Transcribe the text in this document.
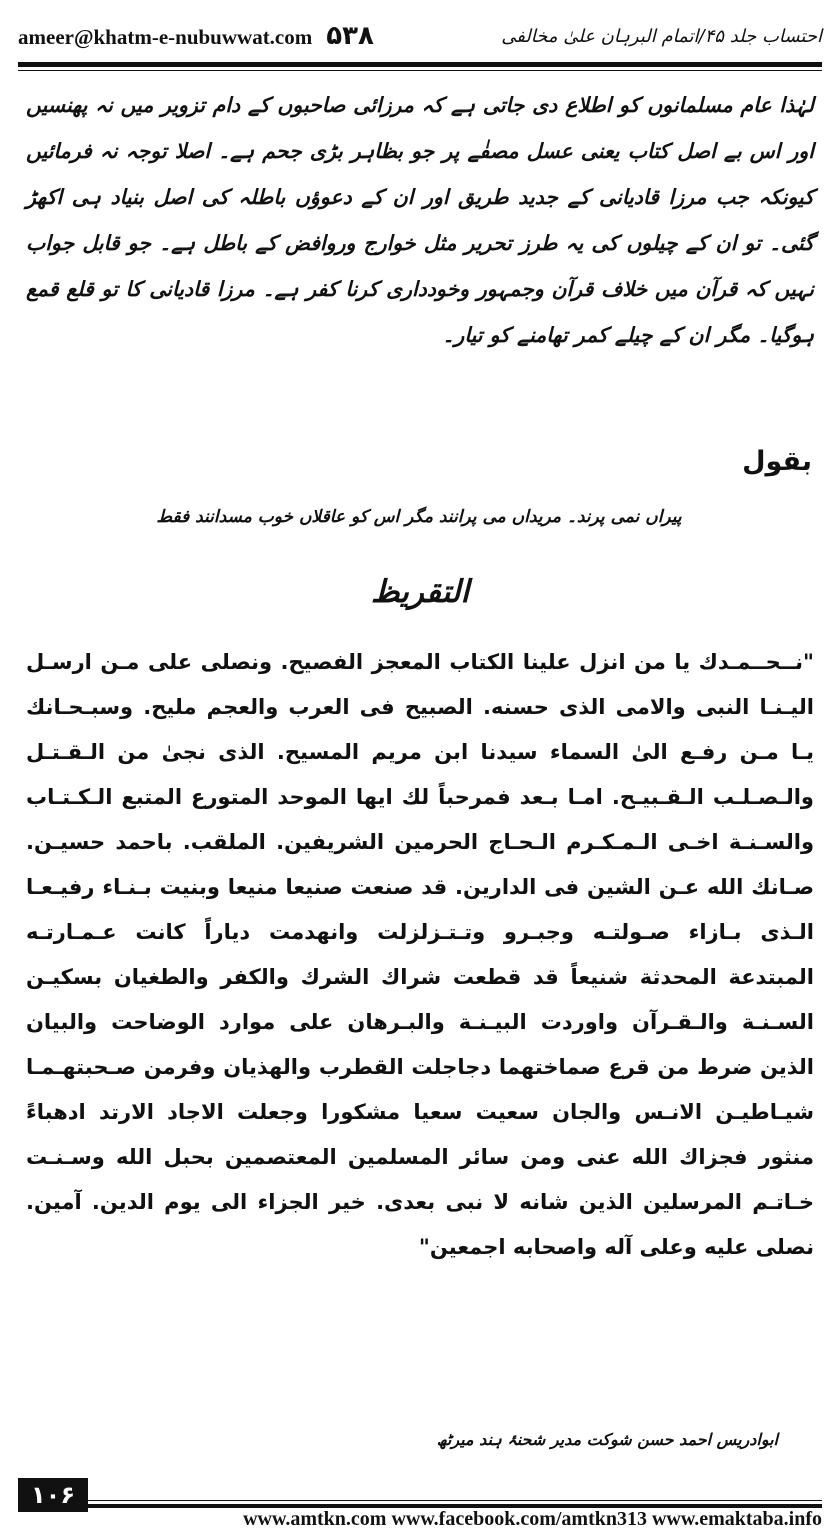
ameer@khatm-e-nubuwwat.com ۵۳۸	احتساب جلد ۴۵/اتمام البرہان علیٰ مخالفی
لہٰذا عام مسلمانوں کو اطلاع دی جاتی ہے کہ مرزائی صاحبوں کے دام تزویر میں نہ پھنسیں اور اس بے اصل کتاب یعنی عسل مصفٰے پر جو بظاہر بڑی جحم ہے۔ اصلا توجہ نہ فرمائیں کیونکہ جب مرزا قادیانی کے جدید طریق اور ان کے دعوؤں باطلہ کی اصل بنیاد ہی اکھڑ گئی۔ تو ان کے چیلوں کی یہ طرز تحریر مثل خوارج وروافض کے باطل ہے۔ جو قابل جواب نہیں کہ قرآن میں خلاف قرآن وجمہور وخودداری کرنا کفر ہے۔ مرزا قادیانی کا تو قلع قمع ہوگیا۔ مگر ان کے چیلے کمر تھامنے کو تیار۔
بقول
پیراں نمی پرند۔ مریداں می پرانند مگر اس کو عاقلاں خوب مسدانند فقط
التقریظ
"نــحــمـدك يا من انزل علينا الكتاب المعجز الفصيح. ونصلى على مـن ارسـل اليـنـا النبى والامى الذى حسنه. الصبيح فى العرب والعجم مليح. وسبـحـانك يـا مـن رفـع الىٰ السماء سيدنا ابن مريم المسيح. الذى نجىٰ من الـقـتـل والـصـلـب الـقـبيـح. امـا بـعد فمرحباً لك ايها الموحد المتورع المتبع الـكـتـاب والسـنـة اخـى الـمـكـرم الـحـاج الحرمين الشريفين. الملقب. باحمد حسيـن. صـانك الله عـن الشين فى الدارين. قد صنعت صنيعا منيعا وبنيت بـنـاء رفيـعـا الـذى بـازاء صـولتـه وجبـرو وتـتـزلزلت وانهدمت دياراً كانت عـمـارتـه المبتدعة المحدثة شنيعاً قد قطعت شراك الشرك والكفر والطغيان بسكيـن السـنـة والـقـرآن واوردت البيـنـة والبـرهان على موارد الوضاحت والبيان الذين ضرط من قرع صماختهما دجاجلت القطرب والهذيان وفرمن صـحبتهـمـا شيـاطيـن الانـس والجان سعيت سعيا مشكورا وجعلت الاجاد الارتد ادهباءً منثور فجزاك الله عنى ومن سائر المسلمين المعتصمين بحبل الله وسـنـت خـاتـم المرسلين الذين شانه لا نبى بعدى. خير الجزاء الى يوم الدين. آمين. نصلى عليه وعلى آله واصحابه اجمعين"
ابوادریس احمد حسن شوکت مدیر شحنۂ ہند میرٹھ
۱۰۶
www.amtkn.com www.facebook.com/amtkn313 www.emaktaba.info
